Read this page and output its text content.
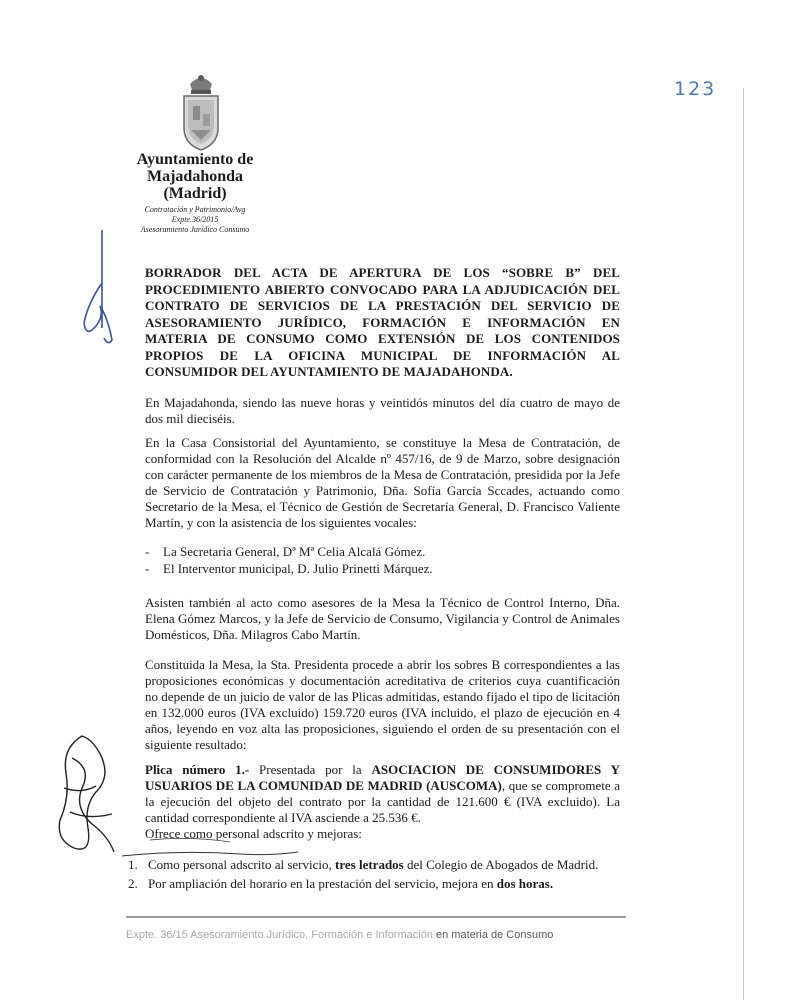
123
Ayuntamiento de
Majadahonda
(Madrid)
Contratación y Patrimonio/Avg
Expte.36/2015
Asesoramiento Jurídico Consumo
BORRADOR DEL ACTA DE APERTURA DE LOS “SOBRE B” DEL PROCEDIMIENTO ABIERTO CONVOCADO PARA LA ADJUDICACIÓN DEL CONTRATO DE SERVICIOS DE LA PRESTACIÓN DEL SERVICIO DE ASESORAMIENTO JURÍDICO, FORMACIÓN E INFORMACIÓN EN MATERIA DE CONSUMO COMO EXTENSIÓN DE LOS CONTENIDOS PROPIOS DE LA OFICINA MUNICIPAL DE INFORMACIÓN AL CONSUMIDOR DEL AYUNTAMIENTO DE MAJADAHONDA.
En Majadahonda, siendo las nueve horas y veintidós minutos del día cuatro de mayo de dos mil dieciséis.
En la Casa Consistorial del Ayuntamiento, se constituye la Mesa de Contratación, de conformidad con la Resolución del Alcalde nº 457/16, de 9 de Marzo, sobre designación con carácter permanente de los miembros de la Mesa de Contratación, presidida por la Jefe de Servicio de Contratación y Patrimonio, Dña. Sofía García Sccades, actuando como Secretario de la Mesa, el Técnico de Gestión de Secretaría General, D. Francisco Valiente Martín, y con la asistencia de los siguientes vocales:
- La Secretaria General, Dª Mª Celia Alcalá Gómez.
- El Interventor municipal, D. Julio Prinetti Márquez.
Asisten también al acto como asesores de la Mesa la Técnico de Control Interno, Dña. Elena Gómez Marcos, y la Jefe de Servicio de Consumo, Vigilancia y Control de Animales Domésticos, Dña. Milagros Cabo Martín.
Constituida la Mesa, la Sta. Presidenta procede a abrir los sobres B correspondientes a las proposiciones económicas y documentación acreditativa de criterios cuya cuantificación no depende de un juicio de valor de las Plicas admitidas, estando fijado el tipo de licitación en 132.000 euros (IVA excluido) 159.720 euros (IVA incluido, el plazo de ejecución en 4 años, leyendo en voz alta las proposiciones, siguiendo el orden de su presentación con el siguiente resultado:
Plica número 1.- Presentada por la ASOCIACION DE CONSUMIDORES Y USUARIOS DE LA COMUNIDAD DE MADRID (AUSCOMA), que se compromete a la ejecución del objeto del contrato por la cantidad de 121.600 € (IVA excluido). La cantidad correspondiente al IVA asciende a 25.536 €.
Ofrece como personal adscrito y mejoras:
1. Como personal adscrito al servicio, tres letrados del Colegio de Abogados de Madrid.
2. Por ampliación del horario en la prestación del servicio, mejora en dos horas.
Expte. 36/15 Asesoramiento Jurídico, Formación e Información en materia de Consumo
